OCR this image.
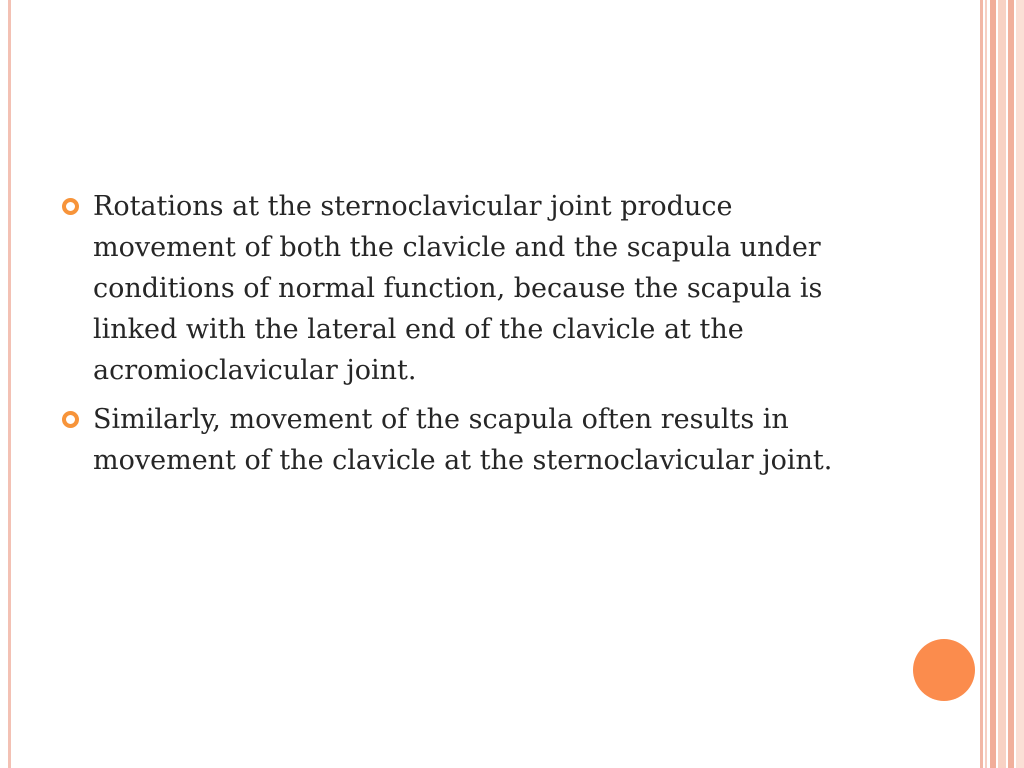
Rotations at the sternoclavicular joint produce movement of both the clavicle and the scapula under conditions of normal function, because the scapula is linked with the lateral end of the clavicle at the acromioclavicular joint.
Similarly, movement of the scapula often results in movement of the clavicle at the sternoclavicular joint.
